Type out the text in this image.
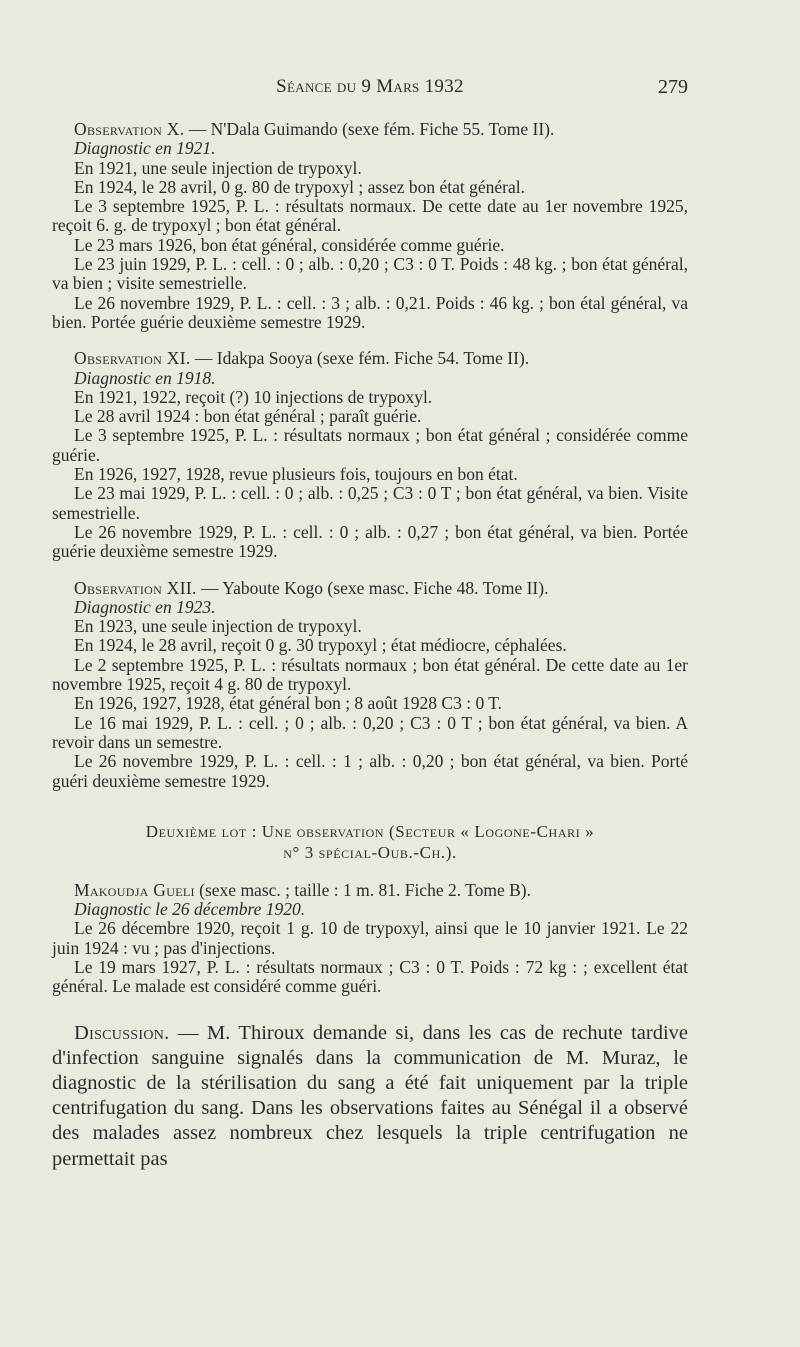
Séance du 9 Mars 1932	279

Observation X. — N'Dala Guimando (sexe fém. Fiche 55. Tome II).

Diagnostic en 1921.

En 1921, une seule injection de trypoxyl.

En 1924, le 28 avril, 0 g. 80 de trypoxyl ; assez bon état général.

Le 3 septembre 1925, P. L. : résultats normaux. De cette date au 1er novembre 1925, reçoit 6. g. de trypoxyl ; bon état général.

Le 23 mars 1926, bon état général, considérée comme guérie.

Le 23 juin 1929, P. L. : cell. : 0 ; alb. : 0,20 ; C3 : 0 T. Poids : 48 kg. ; bon état général, va bien ; visite semestrielle.

Le 26 novembre 1929, P. L. : cell. : 3 ; alb. : 0,21. Poids : 46 kg. ; bon étal général, va bien. Portée guérie deuxième semestre 1929.

Observation XI. — Idakpa Sooya (sexe fém. Fiche 54. Tome II).

Diagnostic en 1918.

En 1921, 1922, reçoit (?) 10 injections de trypoxyl.

Le 28 avril 1924 : bon état général ; paraît guérie.

Le 3 septembre 1925, P. L. : résultats normaux ; bon état général ; considérée comme guérie.

En 1926, 1927, 1928, revue plusieurs fois, toujours en bon état.

Le 23 mai 1929, P. L. : cell. : 0 ; alb. : 0,25 ; C3 : 0 T ; bon état général, va bien. Visite semestrielle.

Le 26 novembre 1929, P. L. : cell. : 0 ; alb. : 0,27 ; bon état général, va bien. Portée guérie deuxième semestre 1929.

Observation XII. — Yaboute Kogo (sexe masc. Fiche 48. Tome II).

Diagnostic en 1923.

En 1923, une seule injection de trypoxyl.

En 1924, le 28 avril, reçoit 0 g. 30 trypoxyl ; état médiocre, céphalées.

Le 2 septembre 1925, P. L. : résultats normaux ; bon état général. De cette date au 1er novembre 1925, reçoit 4 g. 80 de trypoxyl.

En 1926, 1927, 1928, état général bon ; 8 août 1928 C3 : 0 T.

Le 16 mai 1929, P. L. : cell. ; 0 ; alb. : 0,20 ; C3 : 0 T ; bon état général, va bien. A revoir dans un semestre.

Le 26 novembre 1929, P. L. : cell. : 1 ; alb. : 0,20 ; bon état général, va bien. Porté guéri deuxième semestre 1929.

Deuxième lot : Une observation (Secteur « Logone-Chari »
n° 3 spécial-Oub.-Ch.).

Makoudja Gueli (sexe masc. ; taille : 1 m. 81. Fiche 2. Tome B).

Diagnostic le 26 décembre 1920.

Le 26 décembre 1920, reçoit 1 g. 10 de trypoxyl, ainsi que le 10 janvier 1921. Le 22 juin 1924 : vu ; pas d'injections.

Le 19 mars 1927, P. L. : résultats normaux ; C3 : 0 T. Poids : 72 kg : ; excellent état général. Le malade est considéré comme guéri.

Discussion. — M. Thiroux demande si, dans les cas de rechute tardive d'infection sanguine signalés dans la communication de M. Muraz, le diagnostic de la stérilisation du sang a été fait uniquement par la triple centrifugation du sang. Dans les observations faites au Sénégal il a observé des malades assez nombreux chez lesquels la triple centrifugation ne permettait pas
